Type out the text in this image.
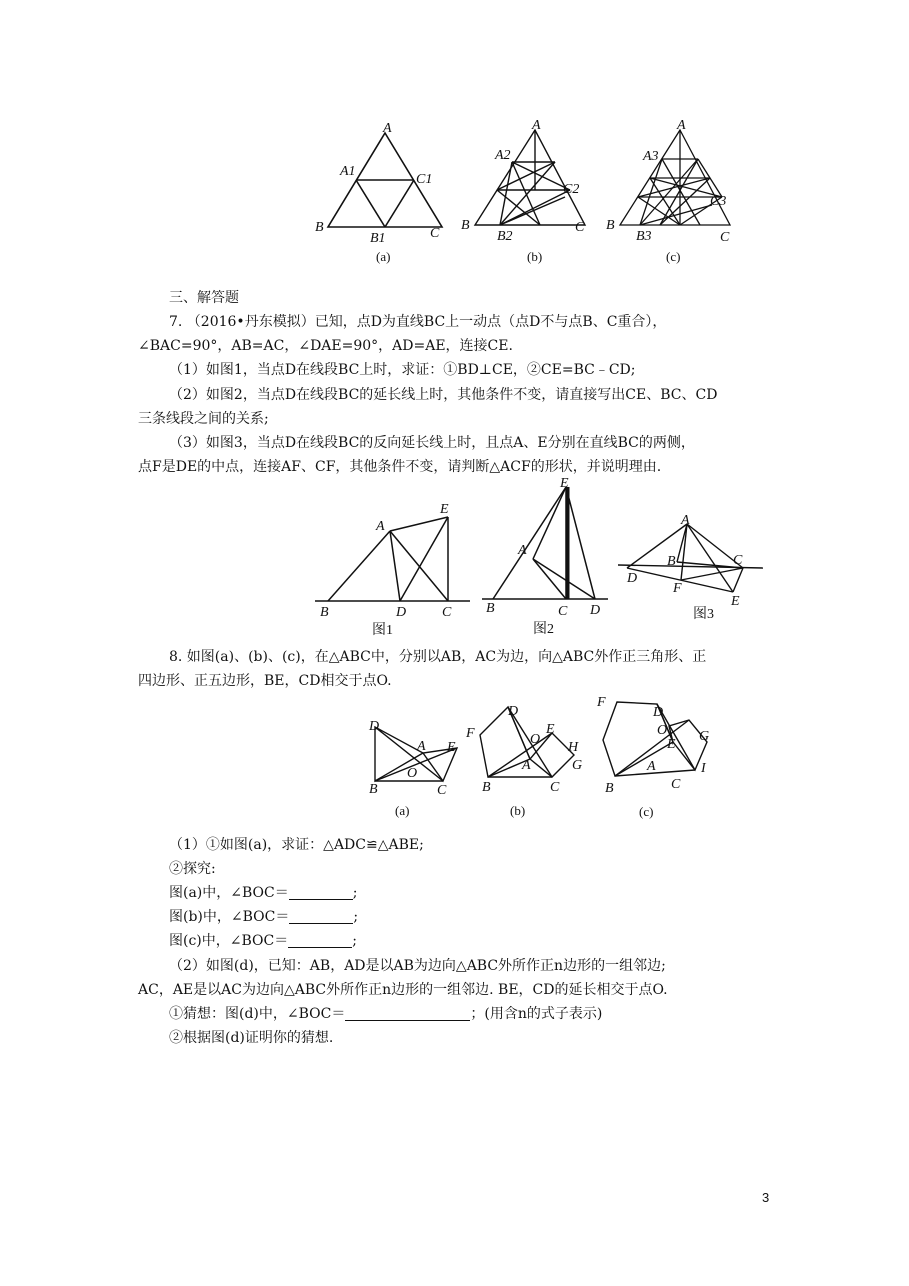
A
A1
C1
B
B1	C
(a)
A
A2
C2
B
B2
C
(b)
A
A3
C3
B
B3	C
(c)
三、解答题
7. （2016•丹东模拟）已知，点D为直线BC上一动点（点D不与点B、C重合），
∠BAC=90°，AB=AC，∠DAE=90°，AD=AE，连接CE.
（1）如图1，当点D在线段BC上时，求证：①BD⊥CE，②CE=BC﹣CD;
（2）如图2，当点D在线段BC的延长线上时，其他条件不变，请直接写出CE、BC、CD
三条线段之间的关系;
（3）如图3，当点D在线段BC的反向延长线上时，且点A、E分别在直线BC的两侧，
点F是DE的中点，连接AF、CF，其他条件不变，请判断△ACF的形状，并说明理由.
A
E
B	D	C
图1
E
A
B	C D
图2
A
B	C
D
F
E
图3
8. 如图(a)、(b)、(c)，在△ABC中，分别以AB，AC为边，向△ABC外作正三角形、正
四边形、正五边形，BE，CD相交于点O.
D
A E
O
B	C
(a)
F
D
O
E
H
A	G
B	C
(b)
F
D
O
E
G
A	I
B	C
(c)
（1）①如图(a)，求证：△ADC≌△ABE;
②探究:
图(a)中，∠BOC＝	;
图(b)中，∠BOC＝	;
图(c)中，∠BOC＝	;
（2）如图(d)，已知：AB，AD是以AB为边向△ABC外所作正n边形的一组邻边;
AC，AE是以AC为边向△ABC外所作正n边形的一组邻边. BE，CD的延长相交于点O.
①猜想：图(d)中，∠BOC＝	；(用含n的式子表示)
②根据图(d)证明你的猜想.
3
